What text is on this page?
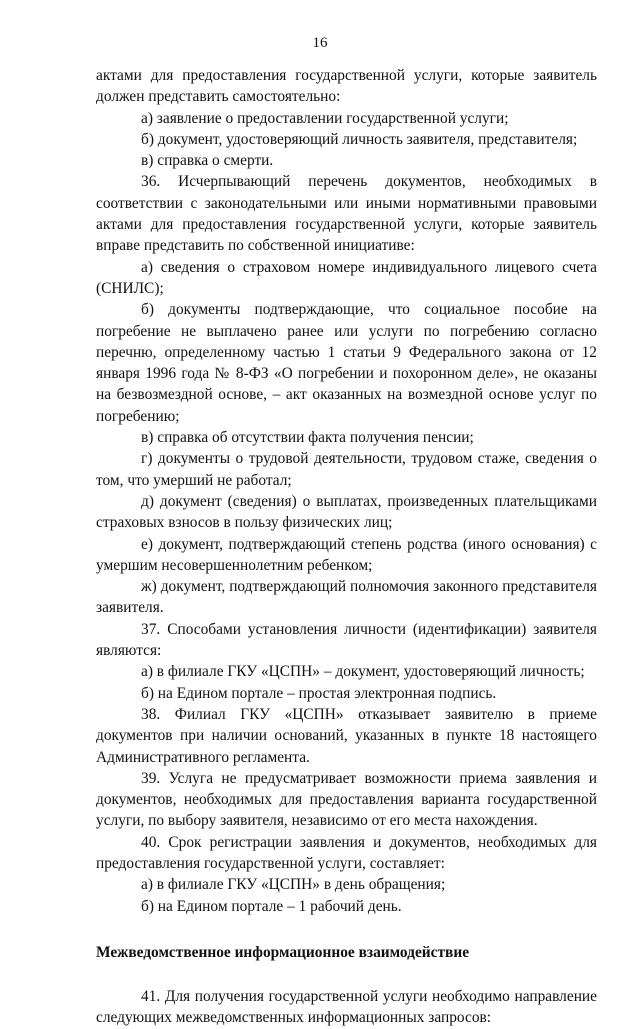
16

актами для предоставления государственной услуги, которые заявитель должен представить самостоятельно:

а) заявление о предоставлении государственной услуги;

б) документ, удостоверяющий личность заявителя, представителя;

в) справка о смерти.

36. Исчерпывающий перечень документов, необходимых в соответствии с законодательными или иными нормативными правовыми актами для предоставления государственной услуги, которые заявитель вправе представить по собственной инициативе:

а) сведения о страховом номере индивидуального лицевого счета (СНИЛС);

б) документы подтверждающие, что социальное пособие на погребение не выплачено ранее или услуги по погребению согласно перечню, определенному частью 1 статьи 9 Федерального закона от 12 января 1996 года № 8-ФЗ «О погребении и похоронном деле», не оказаны на безвозмездной основе, – акт оказанных на возмездной основе услуг по погребению;

в) справка об отсутствии факта получения пенсии;

г) документы о трудовой деятельности, трудовом стаже, сведения о том, что умерший не работал;

д) документ (сведения) о выплатах, произведенных плательщиками страховых взносов в пользу физических лиц;

е) документ, подтверждающий степень родства (иного основания) с умершим несовершеннолетним ребенком;

ж) документ, подтверждающий полномочия законного представителя заявителя.

37. Способами установления личности (идентификации) заявителя являются:

а) в филиале ГКУ «ЦСПН» – документ, удостоверяющий личность;

б) на Едином портале – простая электронная подпись.

38. Филиал ГКУ «ЦСПН» отказывает заявителю в приеме документов при наличии оснований, указанных в пункте 18 настоящего Административного регламента.

39. Услуга не предусматривает возможности приема заявления и документов, необходимых для предоставления варианта государственной услуги, по выбору заявителя, независимо от его места нахождения.

40. Срок регистрации заявления и документов, необходимых для предоставления государственной услуги, составляет:

а) в филиале ГКУ «ЦСПН» в день обращения;

б) на Едином портале – 1 рабочий день.

Межведомственное информационное взаимодействие

41. Для получения государственной услуги необходимо направление следующих межведомственных информационных запросов:
